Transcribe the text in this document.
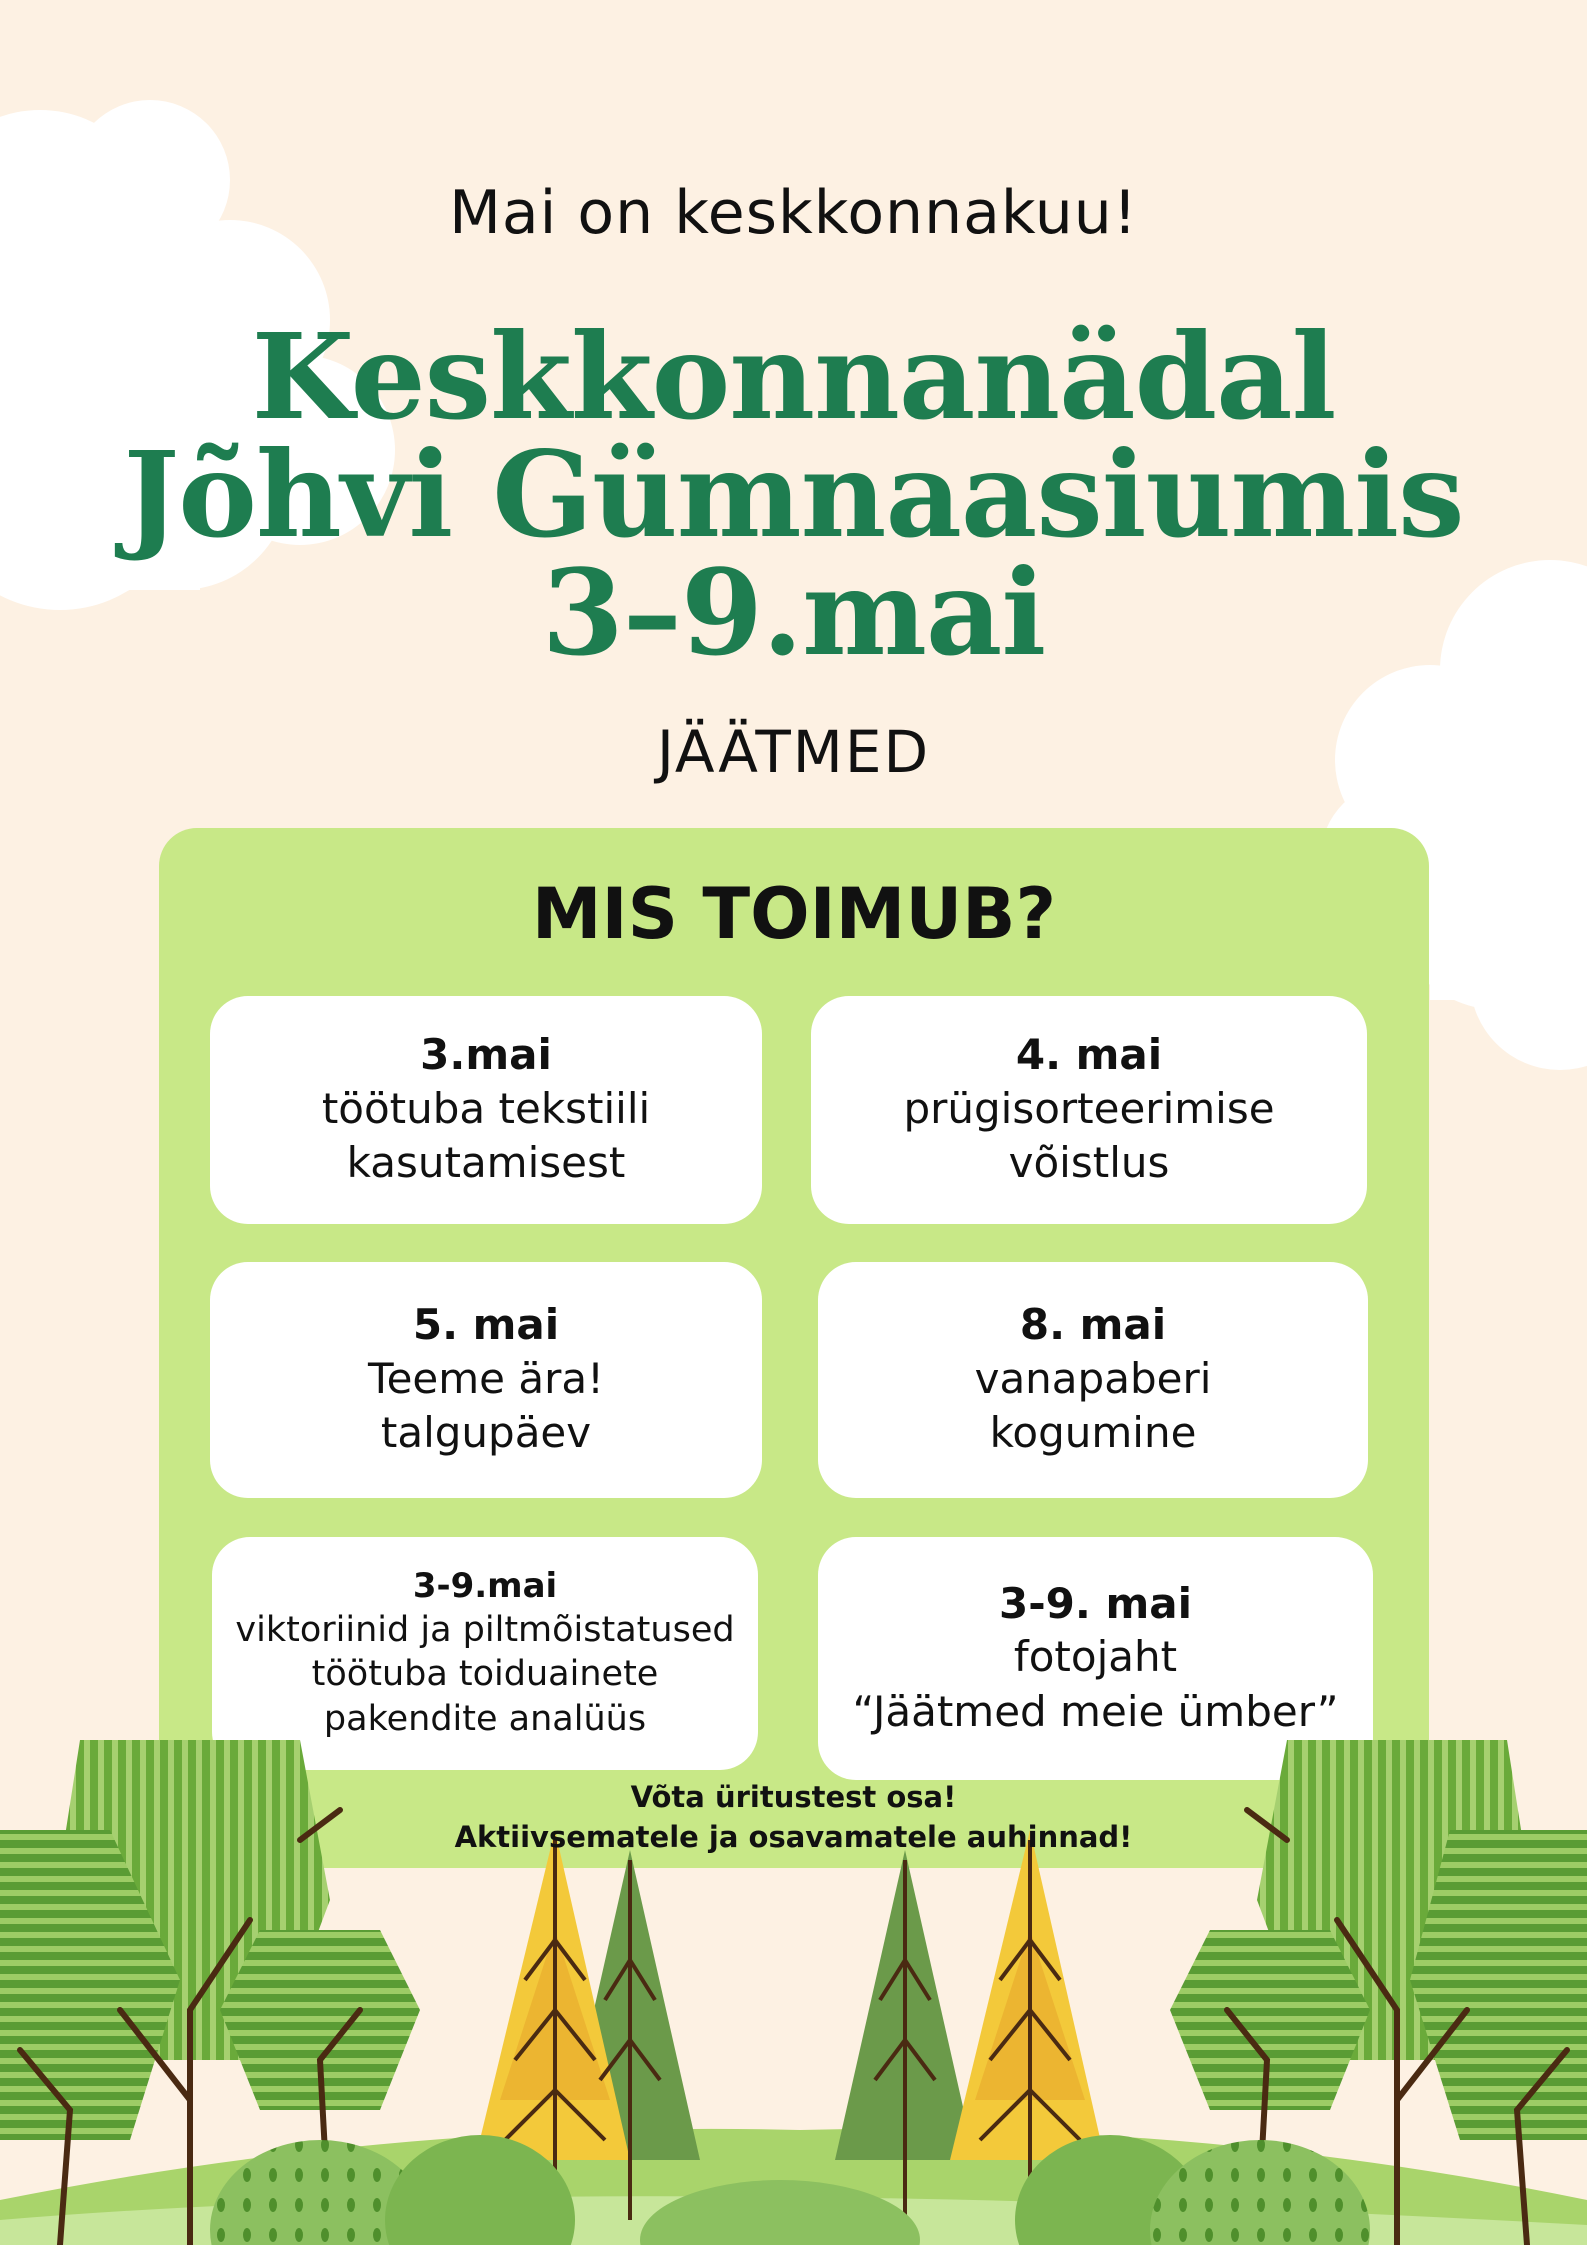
Mai on keskkonnakuu!
Keskkonnanädal
Jõhvi Gümnaasiumis
3–9.mai
JÄÄTMED
MIS TOIMUB?
3.mai
töötuba tekstiili
kasutamisest
4. mai
prügisorteerimise
võistlus
5. mai
Teeme ära!
talgupäev
8. mai
vanapaberi
kogumine
3-9.mai
viktoriinid ja piltmõistatused
töötuba toiduainete
pakendite analüüs
3-9. mai
fotojaht
“Jäätmed meie ümber”
Võta üritustest osa!
Aktiivsematele ja osavamatele auhinnad!
